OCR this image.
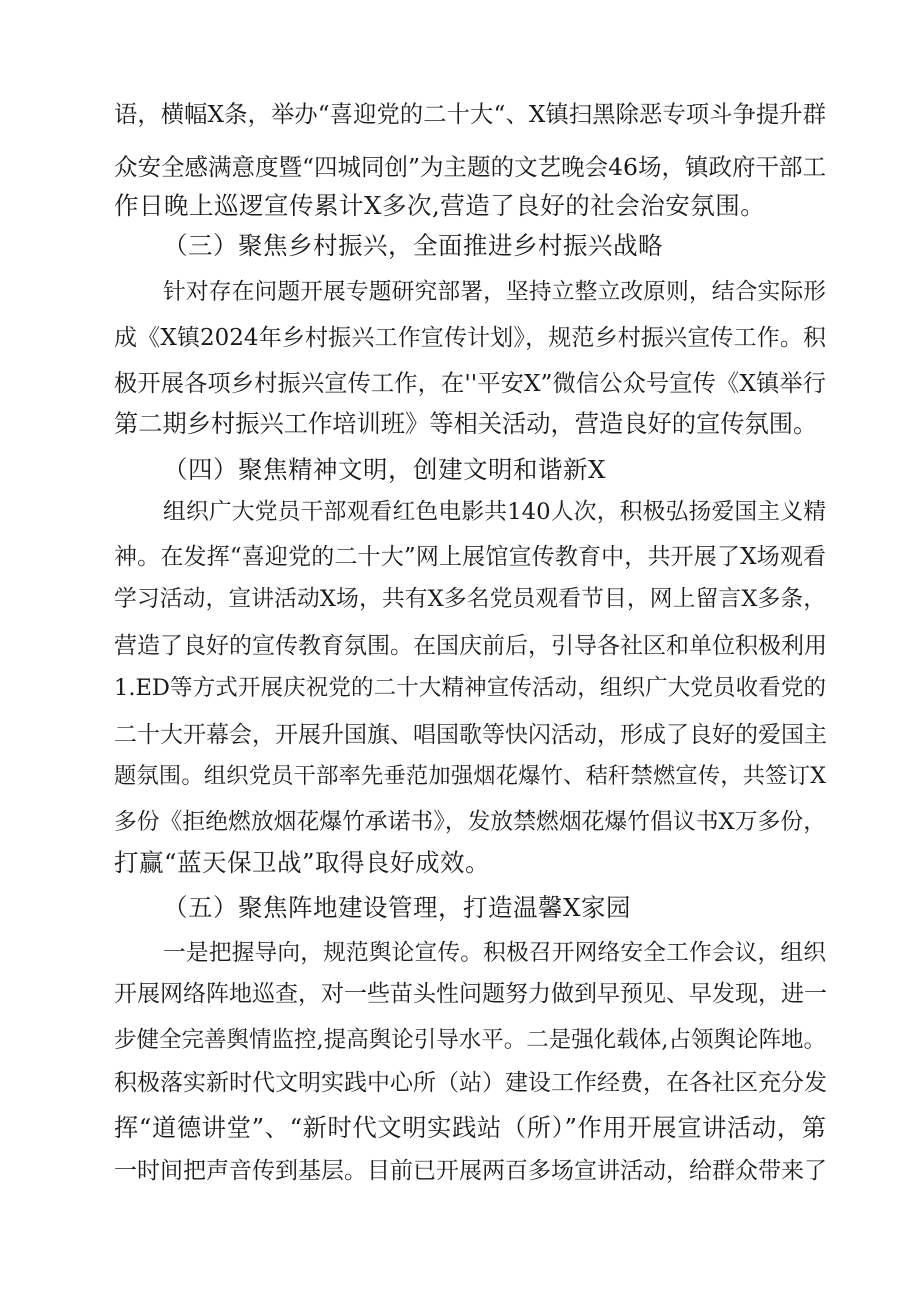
语，横幅X条，举办“喜迎党的二十大“、X镇扫黑除恶专项斗争提升群
众安全感满意度暨“四城同创”为主题的文艺晚会46场，镇政府干部工
作日晚上巡逻宣传累计X多次,营造了良好的社会治安氛围。
（三）聚焦乡村振兴，全面推进乡村振兴战略
针对存在问题开展专题研究部署，坚持立整立改原则，结合实际形
成《X镇2024年乡村振兴工作宣传计划》，规范乡村振兴宣传工作。积
极开展各项乡村振兴宣传工作，在''平安X”微信公众号宣传《X镇举行
第二期乡村振兴工作培训班》等相关活动，营造良好的宣传氛围。
（四）聚焦精神文明，创建文明和谐新X
组织广大党员干部观看红色电影共140人次，积极弘扬爱国主义精
神。在发挥“喜迎党的二十大”网上展馆宣传教育中，共开展了X场观看
学习活动，宣讲活动X场，共有X多名党员观看节目，网上留言X多条，
营造了良好的宣传教育氛围。在国庆前后，引导各社区和单位积极利用
1.ED等方式开展庆祝党的二十大精神宣传活动，组织广大党员收看党的
二十大开幕会，开展升国旗、唱国歌等快闪活动，形成了良好的爱国主
题氛围。组织党员干部率先垂范加强烟花爆竹、秸秆禁燃宣传，共签订X
多份《拒绝燃放烟花爆竹承诺书》，发放禁燃烟花爆竹倡议书X万多份，
打赢“蓝天保卫战”取得良好成效。
（五）聚焦阵地建设管理，打造温馨X家园
一是把握导向，规范舆论宣传。积极召开网络安全工作会议，组织
开展网络阵地巡查，对一些苗头性问题努力做到早预见、早发现，进一
步健全完善舆情监控,提高舆论引导水平。二是强化载体,占领舆论阵地。
积极落实新时代文明实践中心所（站）建设工作经费，在各社区充分发
挥“道德讲堂”、“新时代文明实践站（所）”作用开展宣讲活动，第
一时间把声音传到基层。目前已开展两百多场宣讲活动，给群众带来了
